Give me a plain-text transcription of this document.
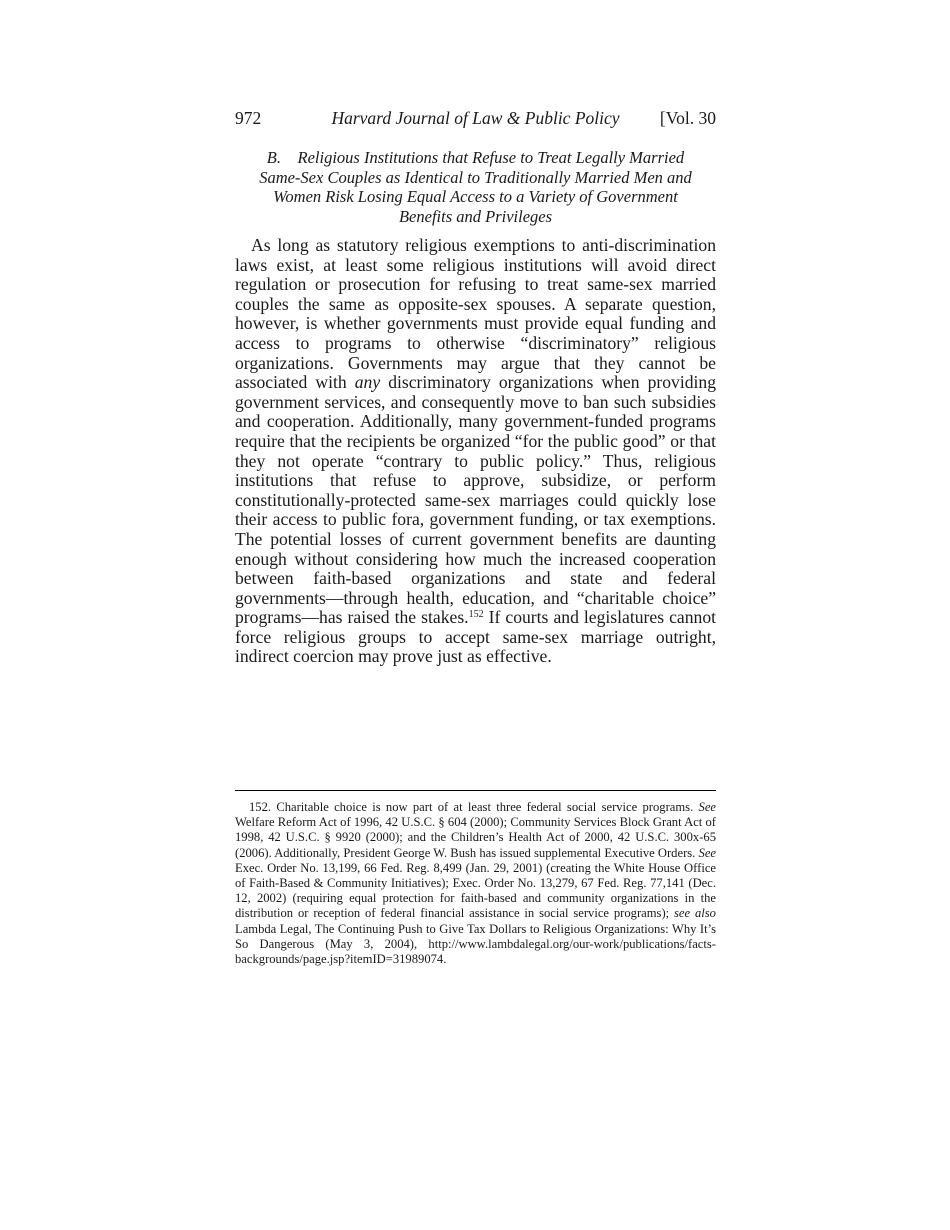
972	Harvard Journal of Law & Public Policy	[Vol. 30
B. Religious Institutions that Refuse to Treat Legally Married Same-Sex Couples as Identical to Traditionally Married Men and Women Risk Losing Equal Access to a Variety of Government Benefits and Privileges

As long as statutory religious exemptions to anti-discrimination laws exist, at least some religious institutions will avoid direct regulation or prosecution for refusing to treat same-sex married couples the same as opposite-sex spouses. A separate question, however, is whether governments must provide equal funding and access to programs to otherwise “discriminatory” religious organizations. Governments may argue that they cannot be associated with any discriminatory organizations when providing government services, and consequently move to ban such subsidies and cooperation. Additionally, many government-funded programs require that the recipients be organized “for the public good” or that they not operate “contrary to public policy.” Thus, religious institutions that refuse to approve, subsidize, or perform constitutionally-protected same-sex marriages could quickly lose their access to public fora, government funding, or tax exemptions. The potential losses of current government benefits are daunting enough without considering how much the increased cooperation between faith-based organizations and state and federal governments—through health, education, and “charitable choice” programs—has raised the stakes.$^{152}$ If courts and legislatures cannot force religious groups to accept same-sex marriage outright, indirect coercion may prove just as effective.

152. Charitable choice is now part of at least three federal social service programs. See Welfare Reform Act of 1996, 42 U.S.C. § 604 (2000); Community Services Block Grant Act of 1998, 42 U.S.C. § 9920 (2000); and the Children’s Health Act of 2000, 42 U.S.C. 300x-65 (2006). Additionally, President George W. Bush has issued supplemental Executive Orders. See Exec. Order No. 13,199, 66 Fed. Reg. 8,499 (Jan. 29, 2001) (creating the White House Office of Faith-Based & Community Initiatives); Exec. Order No. 13,279, 67 Fed. Reg. 77,141 (Dec. 12, 2002) (requiring equal protection for faith-based and community organizations in the distribution or reception of federal financial assistance in social service programs); see also Lambda Legal, The Continuing Push to Give Tax Dollars to Religious Organizations: Why It’s So Dangerous (May 3, 2004), http://www.lambdalegal.org/our-work/publications/facts-backgrounds/page.jsp?itemID=31989074.
